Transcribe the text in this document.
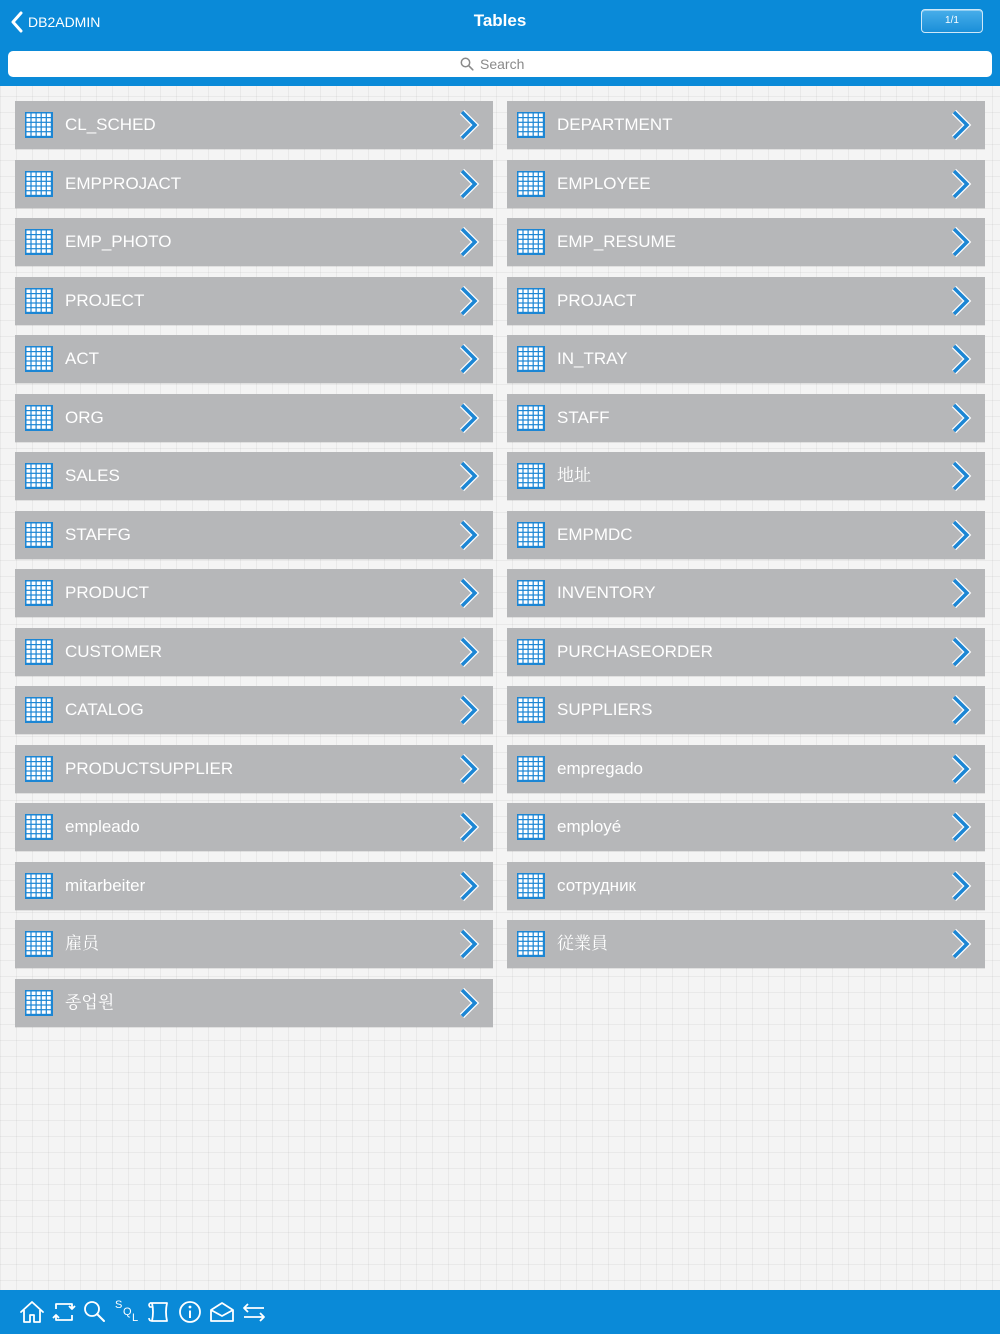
DB2ADMIN	Tables	1/1
Search
CL_SCHED	DEPARTMENT
EMPPROJACT	EMPLOYEE
EMP_PHOTO	EMP_RESUME
PROJECT	PROJACT
ACT	IN_TRAY
ORG	STAFF
SALES	地址
STAFFG	EMPMDC
PRODUCT	INVENTORY
CUSTOMER	PURCHASEORDER
CATALOG	SUPPLIERS
PRODUCTSUPPLIER	empregado
empleado	employé
mitarbeiter	сотрудник
雇员	従業員
종업원
S
Q L
